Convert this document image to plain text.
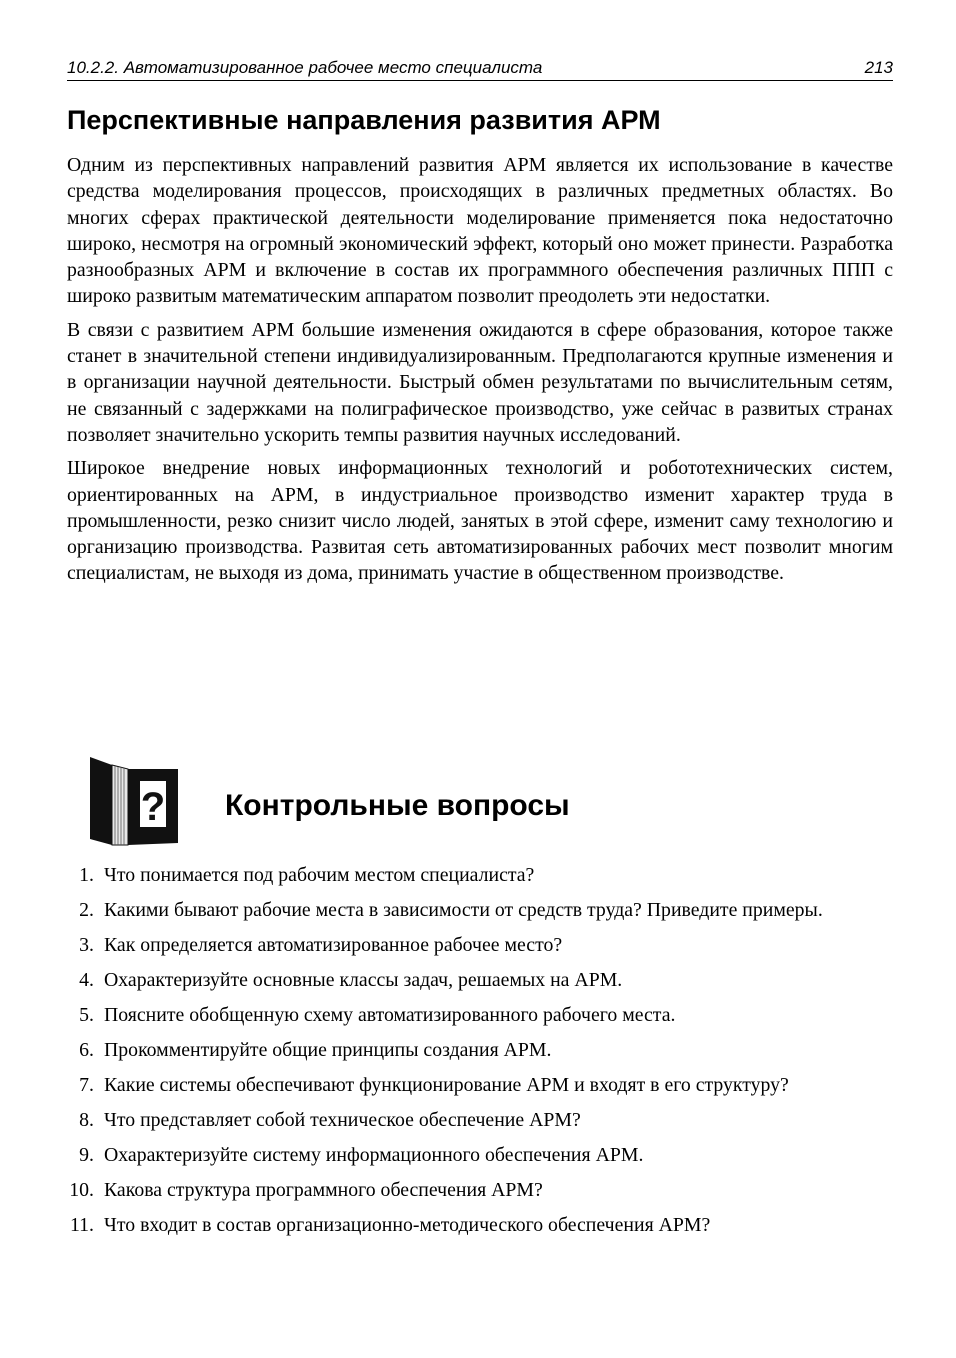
10.2.2. Автоматизированное рабочее место специалиста	213
Перспективные направления развития АРМ

Одним из перспективных направлений развития АРМ является их использование в качестве средства моделирования процессов, происходящих в различных предметных областях. Во многих сферах практической деятельности моделирование применяется пока недостаточно широко, несмотря на огромный экономический эффект, который оно может принести. Разработка разнообразных АРМ и включение в состав их программного обеспечения различных ППП с широко развитым математическим аппаратом позволит преодолеть эти недостатки.

В связи с развитием АРМ большие изменения ожидаются в сфере образования, которое также станет в значительной степени индивидуализированным. Предполагаются крупные изменения и в организации научной деятельности. Быстрый обмен результатами по вычислительным сетям, не связанный с задержками на полиграфическое производство, уже сейчас в развитых странах позволяет значительно ускорить темпы развития научных исследований.

Широкое внедрение новых информационных технологий и робототехнических систем, ориентированных на АРМ, в индустриальное производство изменит характер труда в промышленности, резко снизит число людей, занятых в этой сфере, изменит саму технологию и организацию производства. Развитая сеть автоматизированных рабочих мест позволит многим специалистам, не выходя из дома, принимать участие в общественном производстве.

? Контрольные вопросы
1. Что понимается под рабочим местом специалиста?
2. Какими бывают рабочие места в зависимости от средств труда? Приведите примеры.
3. Как определяется автоматизированное рабочее место?
4. Охарактеризуйте основные классы задач, решаемых на АРМ.
5. Поясните обобщенную схему автоматизированного рабочего места.
6. Прокомментируйте общие принципы создания АРМ.
7. Какие системы обеспечивают функционирование АРМ и входят в его структуру?
8. Что представляет собой техническое обеспечение АРМ?
9. Охарактеризуйте систему информационного обеспечения АРМ.
10. Какова структура программного обеспечения АРМ?
11. Что входит в состав организационно-методического обеспечения АРМ?
